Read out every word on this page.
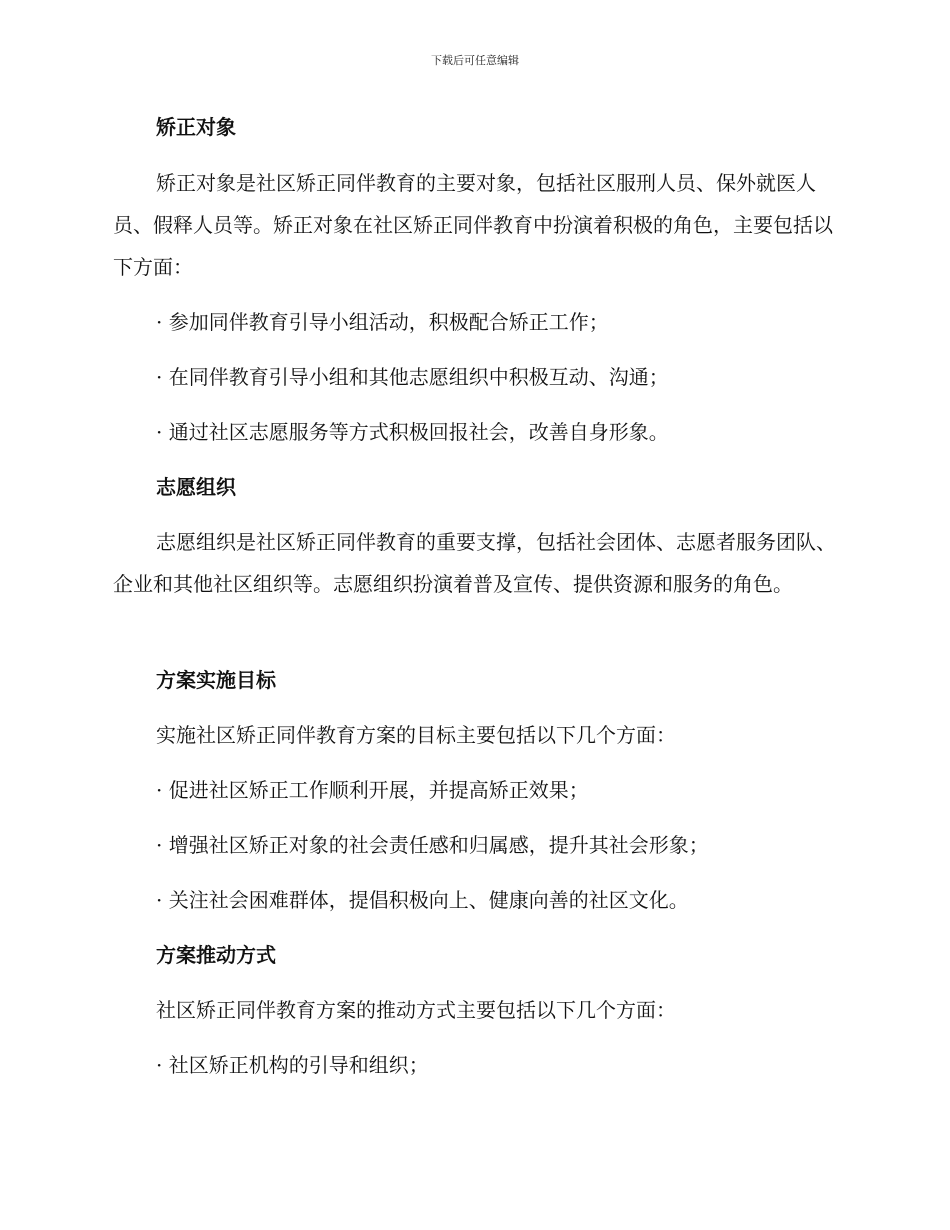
下载后可任意编辑
矫正对象

矫正对象是社区矫正同伴教育的主要对象，包括社区服刑人员、保外就医人员、假释人员等。矫正对象在社区矫正同伴教育中扮演着积极的角色，主要包括以下方面：

· 参加同伴教育引导小组活动，积极配合矫正工作；
· 在同伴教育引导小组和其他志愿组织中积极互动、沟通；
· 通过社区志愿服务等方式积极回报社会，改善自身形象。
志愿组织

志愿组织是社区矫正同伴教育的重要支撑，包括社会团体、志愿者服务团队、企业和其他社区组织等。志愿组织扮演着普及宣传、提供资源和服务的角色。

方案实施目标
实施社区矫正同伴教育方案的目标主要包括以下几个方面：
· 促进社区矫正工作顺利开展，并提高矫正效果；
· 增强社区矫正对象的社会责任感和归属感，提升其社会形象；
· 关注社会困难群体，提倡积极向上、健康向善的社区文化。
方案推动方式
社区矫正同伴教育方案的推动方式主要包括以下几个方面：
· 社区矫正机构的引导和组织；
